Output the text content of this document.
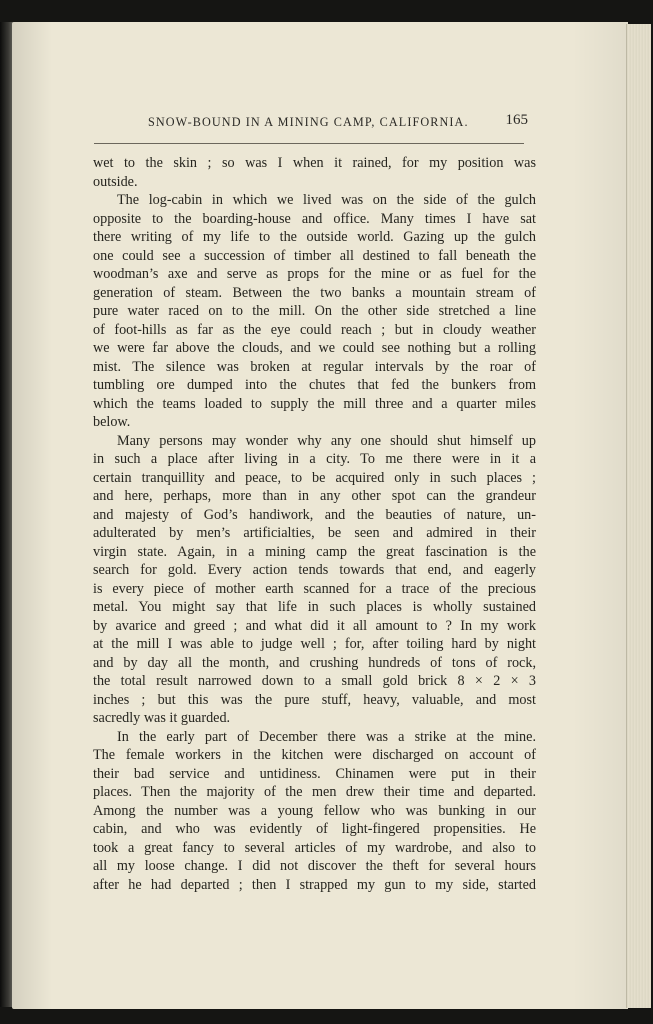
SNOW-BOUND IN A MINING CAMP, CALIFORNIA. 165
wet to the skin ; so was I when it rained, for my position was
outside.
The log-cabin in which we lived was on the side of the gulch
opposite to the boarding-house and office. Many times I have sat
there writing of my life to the outside world. Gazing up the gulch
one could see a succession of timber all destined to fall beneath the
woodman’s axe and serve as props for the mine or as fuel for the
generation of steam. Between the two banks a mountain stream of
pure water raced on to the mill. On the other side stretched a line
of foot-hills as far as the eye could reach ; but in cloudy weather
we were far above the clouds, and we could see nothing but a rolling
mist. The silence was broken at regular intervals by the roar of
tumbling ore dumped into the chutes that fed the bunkers from
which the teams loaded to supply the mill three and a quarter miles
below.
Many persons may wonder why any one should shut himself up
in such a place after living in a city. To me there were in it a
certain tranquillity and peace, to be acquired only in such places ;
and here, perhaps, more than in any other spot can the grandeur
and majesty of God’s handiwork, and the beauties of nature, un-
adulterated by men’s artificialties, be seen and admired in their
virgin state. Again, in a mining camp the great fascination is the
search for gold. Every action tends towards that end, and eagerly
is every piece of mother earth scanned for a trace of the precious
metal. You might say that life in such places is wholly sustained
by avarice and greed ; and what did it all amount to ? In my work
at the mill I was able to judge well ; for, after toiling hard by night
and by day all the month, and crushing hundreds of tons of rock,
the total result narrowed down to a small gold brick 8 × 2 × 3
inches ; but this was the pure stuff, heavy, valuable, and most
sacredly was it guarded.
In the early part of December there was a strike at the mine.
The female workers in the kitchen were discharged on account of
their bad service and untidiness. Chinamen were put in their
places. Then the majority of the men drew their time and departed.
Among the number was a young fellow who was bunking in our
cabin, and who was evidently of light-fingered propensities. He
took a great fancy to several articles of my wardrobe, and also to
all my loose change. I did not discover the theft for several hours
after he had departed ; then I strapped my gun to my side, started
